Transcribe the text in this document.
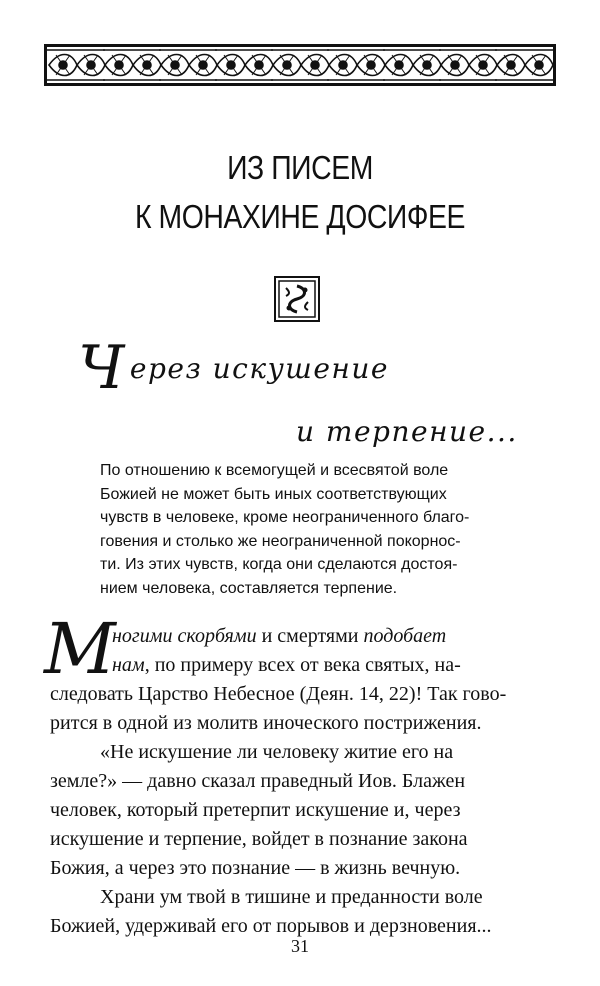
ИЗ ПИСЕМ
К МОНАХИНЕ ДОСИФЕЕ
Через искушение
и терпение...
По отношению к всемогущей и всесвятой воле
Божией не может быть иных соответствующих
чувств в человеке, кроме неограниченного благо-
говения и столько же неограниченной покорнос-
ти. Из этих чувств, когда они сделаются достоя-
нием человека, составляется терпение.
М
ногими скорбями и смертями подобает
нам, по примеру всех от века святых, на-
следовать Царство Небесное (Деян. 14, 22)! Так гово-
рится в одной из молитв иноческого пострижения.
«Не искушение ли человеку житие его на
земле?» — давно сказал праведный Иов. Блажен
человек, который претерпит искушение и, через
искушение и терпение, войдет в познание закона
Божия, а через это познание — в жизнь вечную.
Храни ум твой в тишине и преданности воле
Божией, удерживай его от порывов и дерзновения...
31
